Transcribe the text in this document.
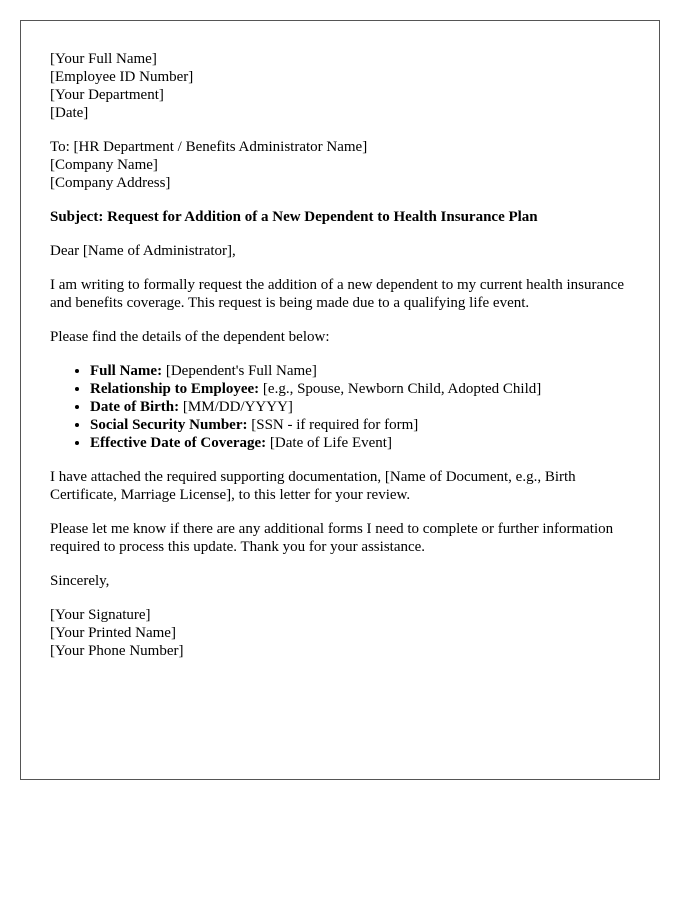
[Your Full Name]
[Employee ID Number]
[Your Department]
[Date]
To: [HR Department / Benefits Administrator Name]
[Company Name]
[Company Address]

Subject: Request for Addition of a New Dependent to Health Insurance Plan

Dear [Name of Administrator],

I am writing to formally request the addition of a new dependent to my current health insurance and benefits coverage. This request is being made due to a qualifying life event.

Please find the details of the dependent below:

• Full Name: [Dependent's Full Name]
• Relationship to Employee: [e.g., Spouse, Newborn Child, Adopted Child]
• Date of Birth: [MM/DD/YYYY]
• Social Security Number: [SSN - if required for form]
• Effective Date of Coverage: [Date of Life Event]

I have attached the required supporting documentation, [Name of Document, e.g., Birth Certificate, Marriage License], to this letter for your review.

Please let me know if there are any additional forms I need to complete or further information required to process this update. Thank you for your assistance.

Sincerely,

[Your Signature]
[Your Printed Name]
[Your Phone Number]
